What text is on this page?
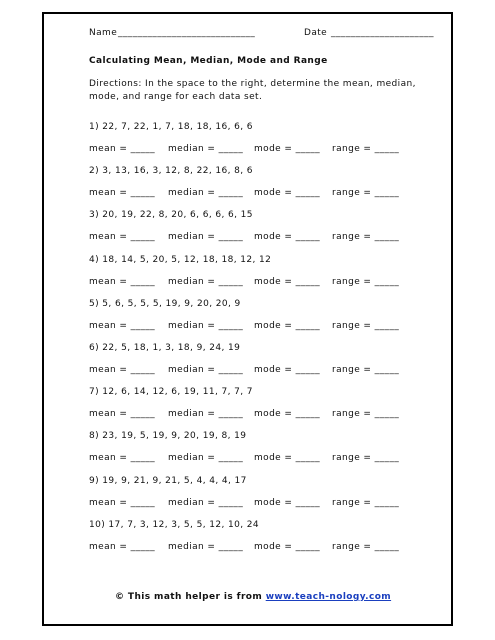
Name ____________________________	Date _____________________
Calculating Mean, Median, Mode and Range
Directions: In the space to the right, determine the mean, median,
mode, and range for each data set.
1) 22, 7, 22, 1, 7, 18, 18, 16, 6, 6
mean = _____ median = _____ mode = _____ range = _____
2) 3, 13, 16, 3, 12, 8, 22, 16, 8, 6
mean = _____ median = _____ mode = _____ range = _____
3) 20, 19, 22, 8, 20, 6, 6, 6, 6, 15
mean = _____ median = _____ mode = _____ range = _____
4) 18, 14, 5, 20, 5, 12, 18, 18, 12, 12
mean = _____ median = _____ mode = _____ range = _____
5) 5, 6, 5, 5, 5, 19, 9, 20, 20, 9
mean = _____ median = _____ mode = _____ range = _____
6) 22, 5, 18, 1, 3, 18, 9, 24, 19
mean = _____ median = _____ mode = _____ range = _____
7) 12, 6, 14, 12, 6, 19, 11, 7, 7, 7
mean = _____ median = _____ mode = _____ range = _____
8) 23, 19, 5, 19, 9, 20, 19, 8, 19
mean = _____ median = _____ mode = _____ range = _____
9) 19, 9, 21, 9, 21, 5, 4, 4, 4, 17
mean = _____ median = _____ mode = _____ range = _____
10) 17, 7, 3, 12, 3, 5, 5, 12, 10, 24
mean = _____ median = _____ mode = _____ range = _____
© This math helper is from www.teach-nology.com
